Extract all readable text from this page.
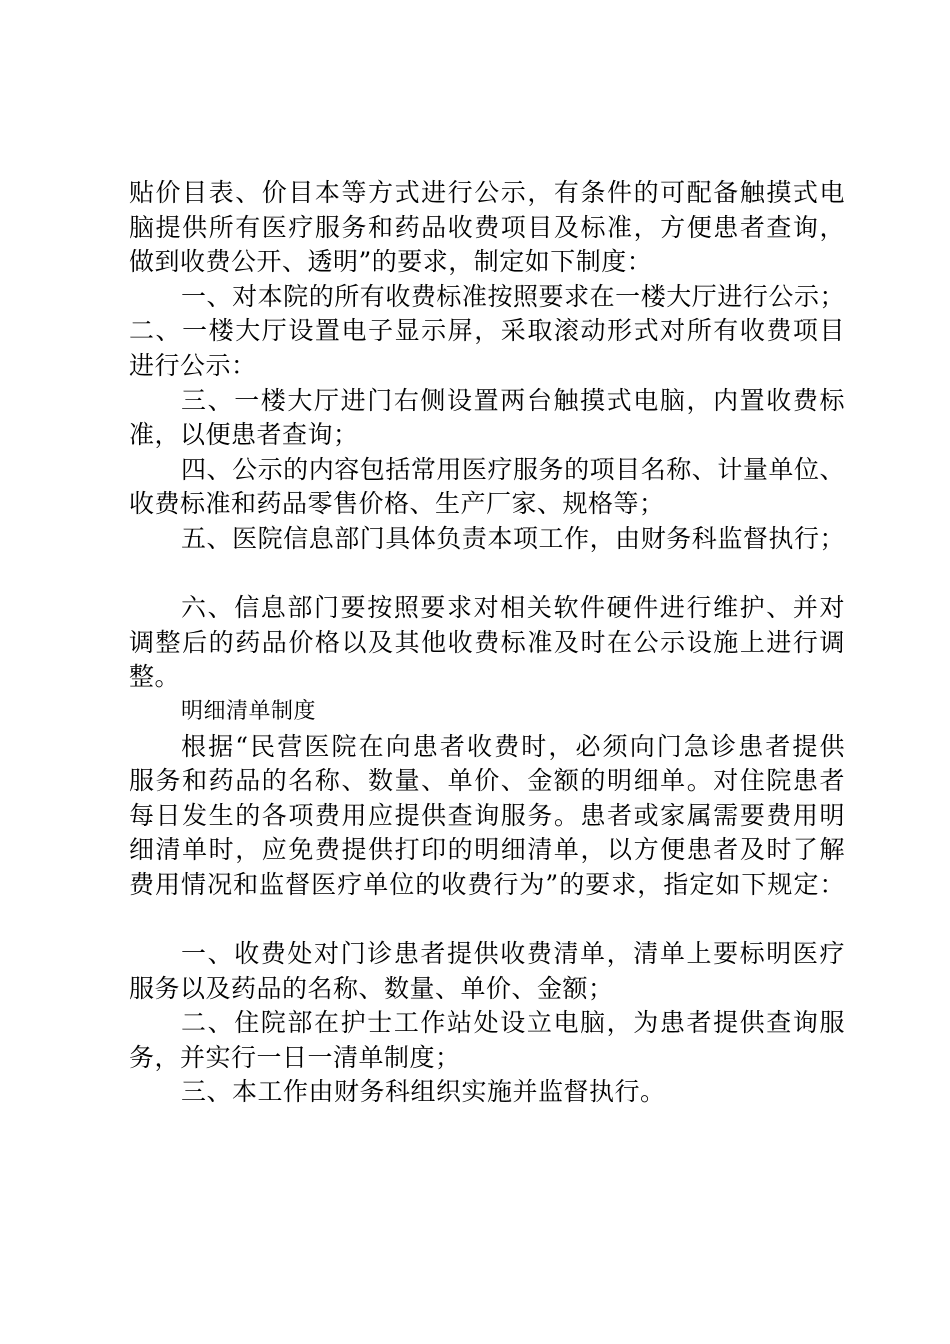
贴价目表、价目本等方式进行公示，有条件的可配备触摸式电
脑提供所有医疗服务和药品收费项目及标准，方便患者查询，
做到收费公开、透明”的要求，制定如下制度：
一、对本院的所有收费标准按照要求在一楼大厅进行公示；
二、一楼大厅设置电子显示屏，采取滚动形式对所有收费项目
进行公示：
三、一楼大厅进门右侧设置两台触摸式电脑，内置收费标
准，以便患者查询；
四、公示的内容包括常用医疗服务的项目名称、计量单位、
收费标准和药品零售价格、生产厂家、规格等；
五、医院信息部门具体负责本项工作，由财务科监督执行；
六、信息部门要按照要求对相关软件硬件进行维护、并对
调整后的药品价格以及其他收费标准及时在公示设施上进行调
整。
明细清单制度
根据“民营医院在向患者收费时，必须向门急诊患者提供
服务和药品的名称、数量、单价、金额的明细单。对住院患者
每日发生的各项费用应提供查询服务。患者或家属需要费用明
细清单时，应免费提供打印的明细清单，以方便患者及时了解
费用情况和监督医疗单位的收费行为”的要求，指定如下规定：
一、收费处对门诊患者提供收费清单，清单上要标明医疗
服务以及药品的名称、数量、单价、金额；
二、住院部在护士工作站处设立电脑，为患者提供查询服
务，并实行一日一清单制度；
三、本工作由财务科组织实施并监督执行。
